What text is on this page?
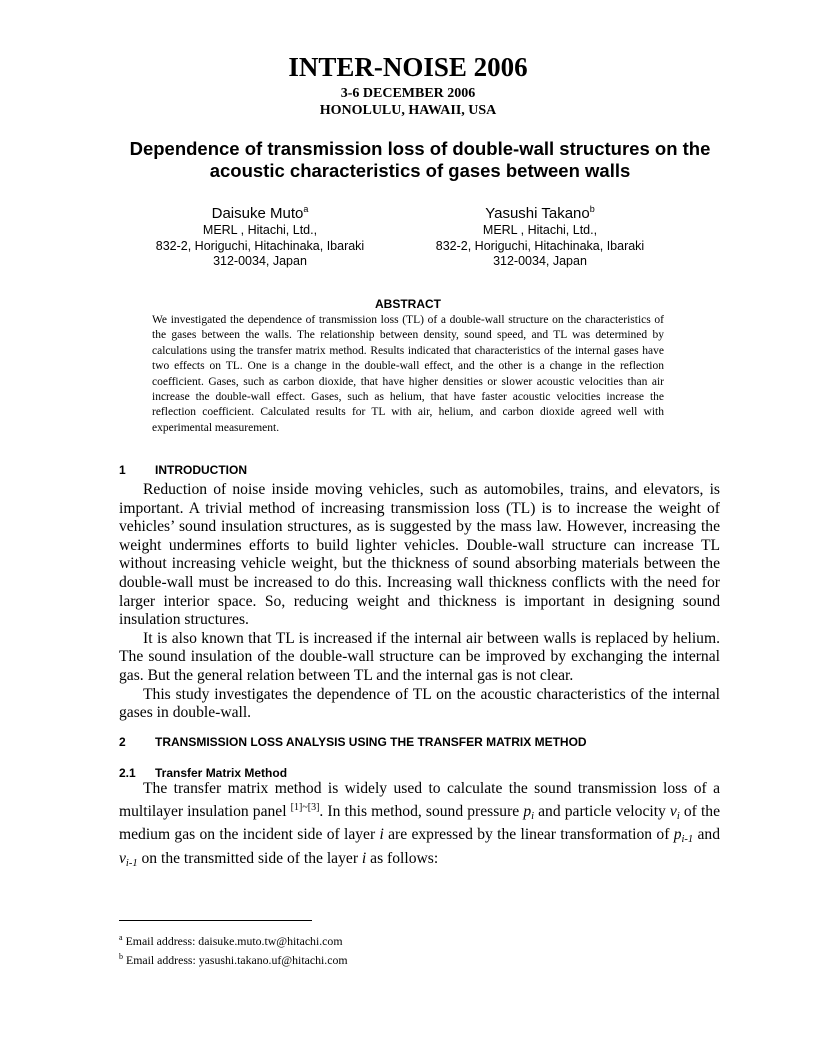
INTER-NOISE 2006
3-6 DECEMBER 2006
HONOLULU, HAWAII, USA
Dependence of transmission loss of double-wall structures on the
acoustic characteristics of gases between walls
Daisuke Muto$^a$
MERL , Hitachi, Ltd.,
832-2, Horiguchi, Hitachinaka, Ibaraki
312-0034, Japan
Yasushi Takano$^b$
MERL , Hitachi, Ltd.,
832-2, Horiguchi, Hitachinaka, Ibaraki
312-0034, Japan
ABSTRACT
We investigated the dependence of transmission loss (TL) of a double-wall structure on the characteristics of the gases between the walls. The relationship between density, sound speed, and TL was determined by calculations using the transfer matrix method. Results indicated that characteristics of the internal gases have two effects on TL. One is a change in the double-wall effect, and the other is a change in the reflection coefficient. Gases, such as carbon dioxide, that have higher densities or slower acoustic velocities than air increase the double-wall effect. Gases, such as helium, that have faster acoustic velocities increase the reflection coefficient. Calculated results for TL with air, helium, and carbon dioxide agreed well with experimental measurement.
1 INTRODUCTION

Reduction of noise inside moving vehicles, such as automobiles, trains, and elevators, is important. A trivial method of increasing transmission loss (TL) is to increase the weight of vehicles’ sound insulation structures, as is suggested by the mass law. However, increasing the weight undermines efforts to build lighter vehicles. Double-wall structure can increase TL without increasing vehicle weight, but the thickness of sound absorbing materials between the double-wall must be increased to do this. Increasing wall thickness conflicts with the need for larger interior space. So, reducing weight and thickness is important in designing sound insulation structures.

It is also known that TL is increased if the internal air between walls is replaced by helium. The sound insulation of the double-wall structure can be improved by exchanging the internal gas. But the general relation between TL and the internal gas is not clear.

This study investigates the dependence of TL on the acoustic characteristics of the internal gases in double-wall.

2 TRANSMISSION LOSS ANALYSIS USING THE TRANSFER MATRIX METHOD
2.1 Transfer Matrix Method

The transfer matrix method is widely used to calculate the sound transmission loss of a multilayer insulation panel [1]~[3]. In this method, sound pressure $p_i$ and particle velocity $v_i$ of the medium gas on the incident side of layer i are expressed by the linear transformation of $p_{i-1}$ and $v_{i-1}$ on the transmitted side of the layer i as follows:

$^a$ Email address: daisuke.muto.tw@hitachi.com
$^b$ Email address: yasushi.takano.uf@hitachi.com
